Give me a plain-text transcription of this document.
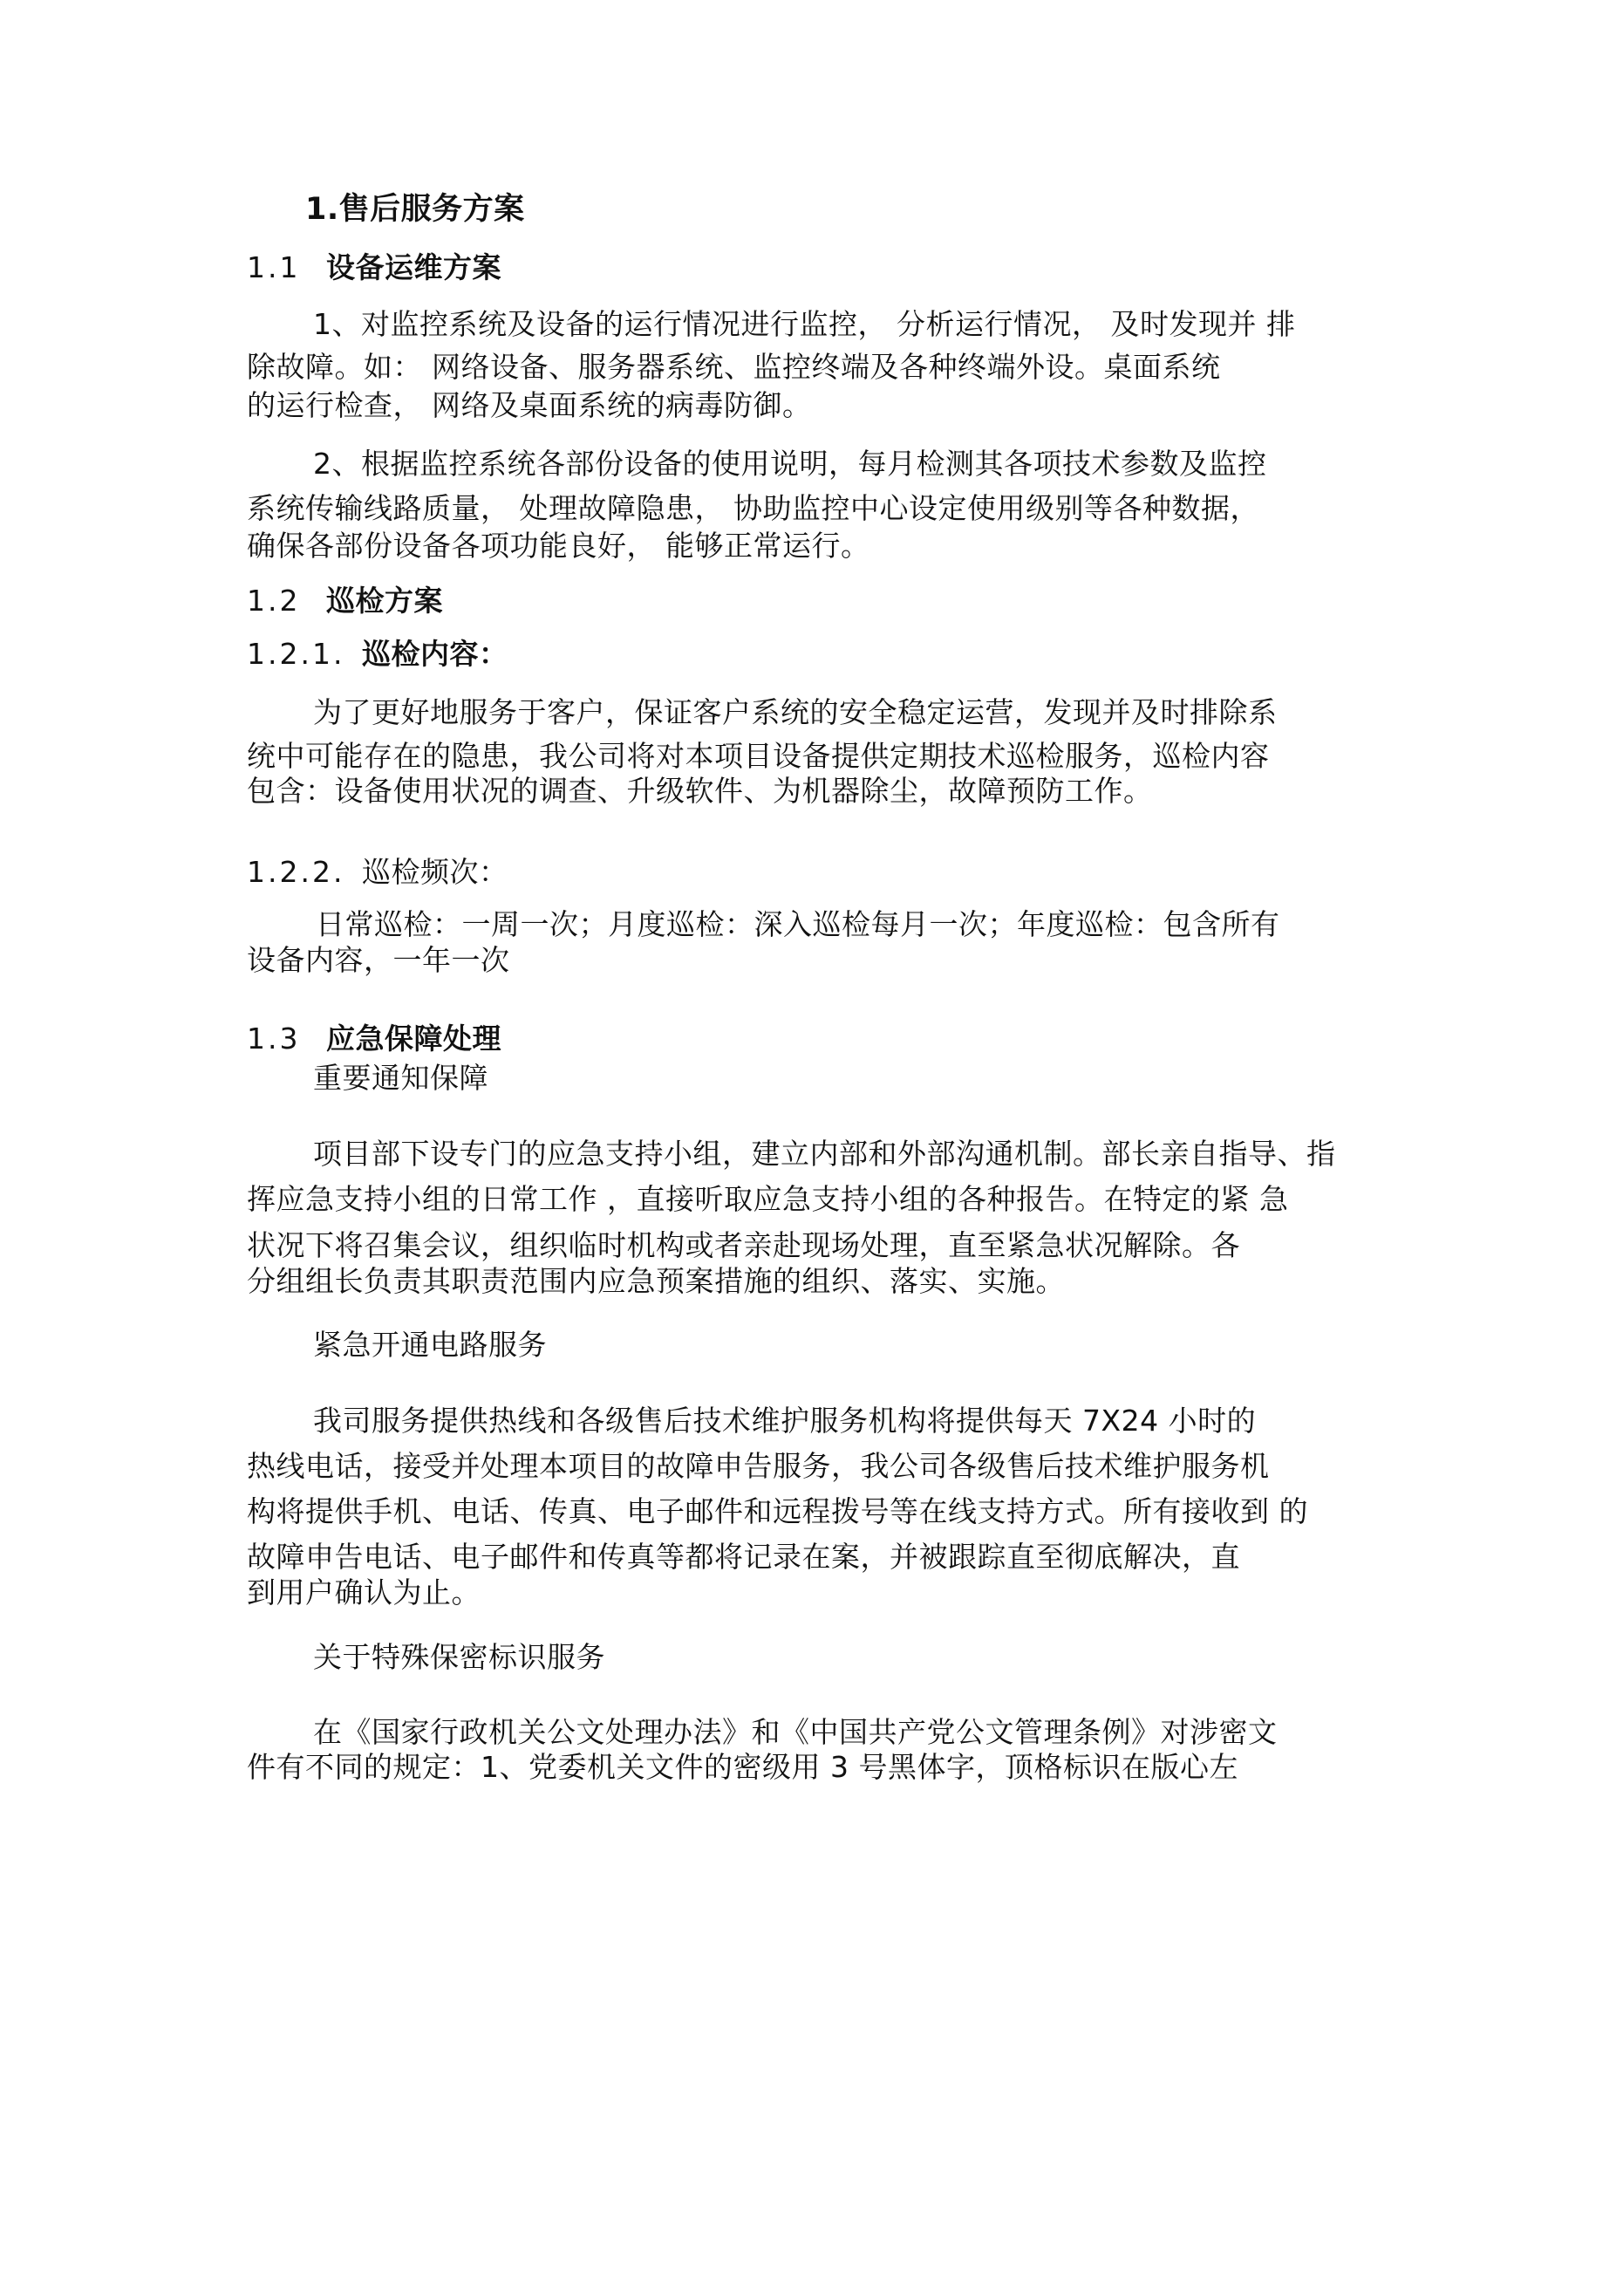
1.售后服务方案

1.1 设备运维方案

1、对监控系统及设备的运行情况进行监控， 分析运行情况， 及时发现并 排

除故障。如： 网络设备、服务器系统、监控终端及各种终端外设。桌面系统

的运行检查， 网络及桌面系统的病毒防御。

2、根据监控系统各部份设备的使用说明，每月检测其各项技术参数及监控

系统传输线路质量， 处理故障隐患， 协助监控中心设定使用级别等各种数据，

确保各部份设备各项功能良好， 能够正常运行。

1.2 巡检方案

1.2.1. 巡检内容：

为了更好地服务于客户，保证客户系统的安全稳定运营，发现并及时排除系

统中可能存在的隐患，我公司将对本项目设备提供定期技术巡检服务，巡检内容

包含：设备使用状况的调查、升级软件、为机器除尘，故障预防工作。

1.2.2. 巡检频次：

日常巡检：一周一次；月度巡检：深入巡检每月一次；年度巡检：包含所有

设备内容，一年一次

1.3 应急保障处理

重要通知保障

项目部下设专门的应急支持小组，建立内部和外部沟通机制。部长亲自指导、指

挥应急支持小组的日常工作 ，直接听取应急支持小组的各种报告。在特定的紧 急

状况下将召集会议，组织临时机构或者亲赴现场处理，直至紧急状况解除。各

分组组长负责其职责范围内应急预案措施的组织、落实、实施。

紧急开通电路服务

我司服务提供热线和各级售后技术维护服务机构将提供每天 7X24 小时的

热线电话，接受并处理本项目的故障申告服务，我公司各级售后技术维护服务机

构将提供手机、电话、传真、电子邮件和远程拨号等在线支持方式。所有接收到 的

故障申告电话、电子邮件和传真等都将记录在案，并被跟踪直至彻底解决，直

到用户确认为止。

关于特殊保密标识服务

在《国家行政机关公文处理办法》和《中国共产党公文管理条例》对涉密文

件有不同的规定：1、党委机关文件的密级用 3 号黑体字，顶格标识在版心左
